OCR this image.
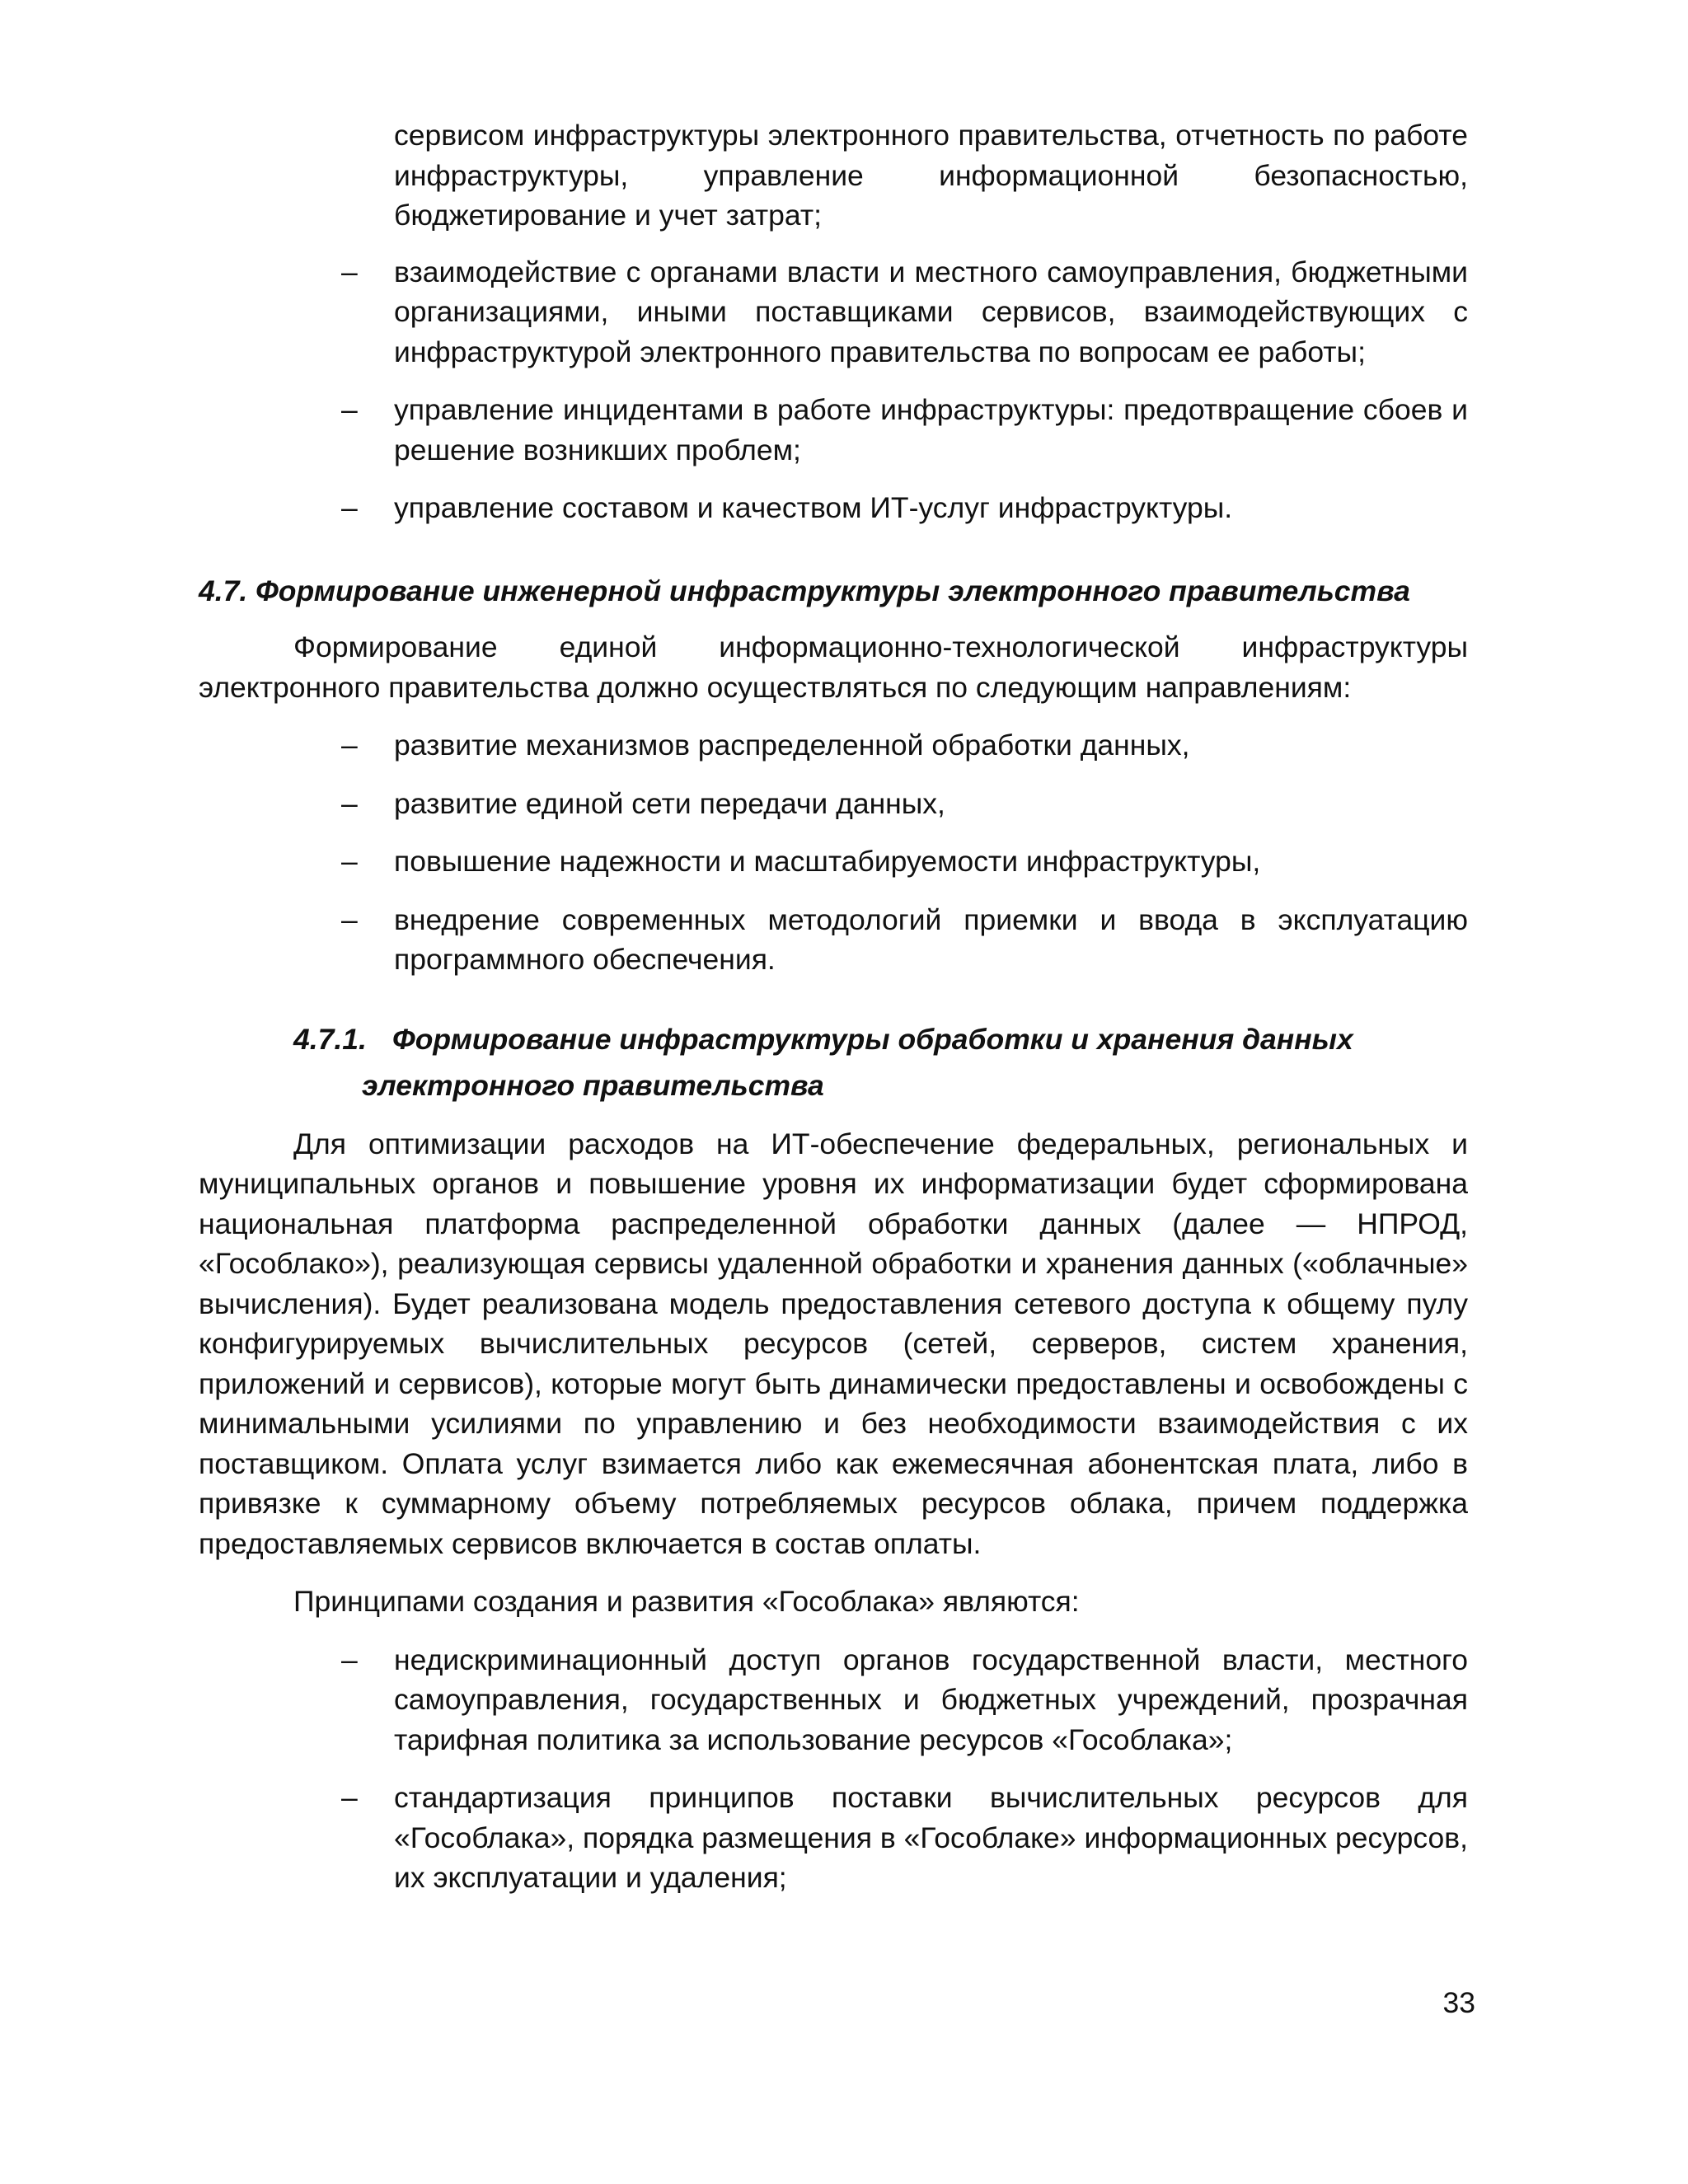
сервисом инфраструктуры электронного правительства, отчетность по работе инфраструктуры, управление информационной безопасностью, бюджетирование и учет затрат;
– взаимодействие с органами власти и местного самоуправления, бюджетными организациями, иными поставщиками сервисов, взаимодействующих с инфраструктурой электронного правительства по вопросам ее работы;
– управление инцидентами в работе инфраструктуры: предотвращение сбоев и решение возникших проблем;
– управление составом и качеством ИТ-услуг инфраструктуры.
4.7. Формирование инженерной инфраструктуры электронного правительства
Формирование единой информационно-технологической инфраструктуры электронного правительства должно осуществляться по следующим направлениям:
– развитие механизмов распределенной обработки данных,
– развитие единой сети передачи данных,
– повышение надежности и масштабируемости инфраструктуры,
– внедрение современных методологий приемки и ввода в эксплуатацию программного обеспечения.
4.7.1. Формирование инфраструктуры обработки и хранения данных
электронного правительства
Для оптимизации расходов на ИТ-обеспечение федеральных, региональных и муниципальных органов и повышение уровня их информатизации будет сформирована национальная платформа распределенной обработки данных (далее — НПРОД, «Гособлако»), реализующая сервисы удаленной обработки и хранения данных («облачные» вычисления). Будет реализована модель предоставления сетевого доступа к общему пулу конфигурируемых вычислительных ресурсов (сетей, серверов, систем хранения, приложений и сервисов), которые могут быть динамически предоставлены и освобождены с минимальными усилиями по управлению и без необходимости взаимодействия с их поставщиком. Оплата услуг взимается либо как ежемесячная абонентская плата, либо в привязке к суммарному объему потребляемых ресурсов облака, причем поддержка предоставляемых сервисов включается в состав оплаты.
Принципами создания и развития «Гособлака» являются:
– недискриминационный доступ органов государственной власти, местного самоуправления, государственных и бюджетных учреждений, прозрачная тарифная политика за использование ресурсов «Гособлака»;
– стандартизация принципов поставки вычислительных ресурсов для «Гособлака», порядка размещения в «Гособлаке» информационных ресурсов, их эксплуатации и удаления;
33
